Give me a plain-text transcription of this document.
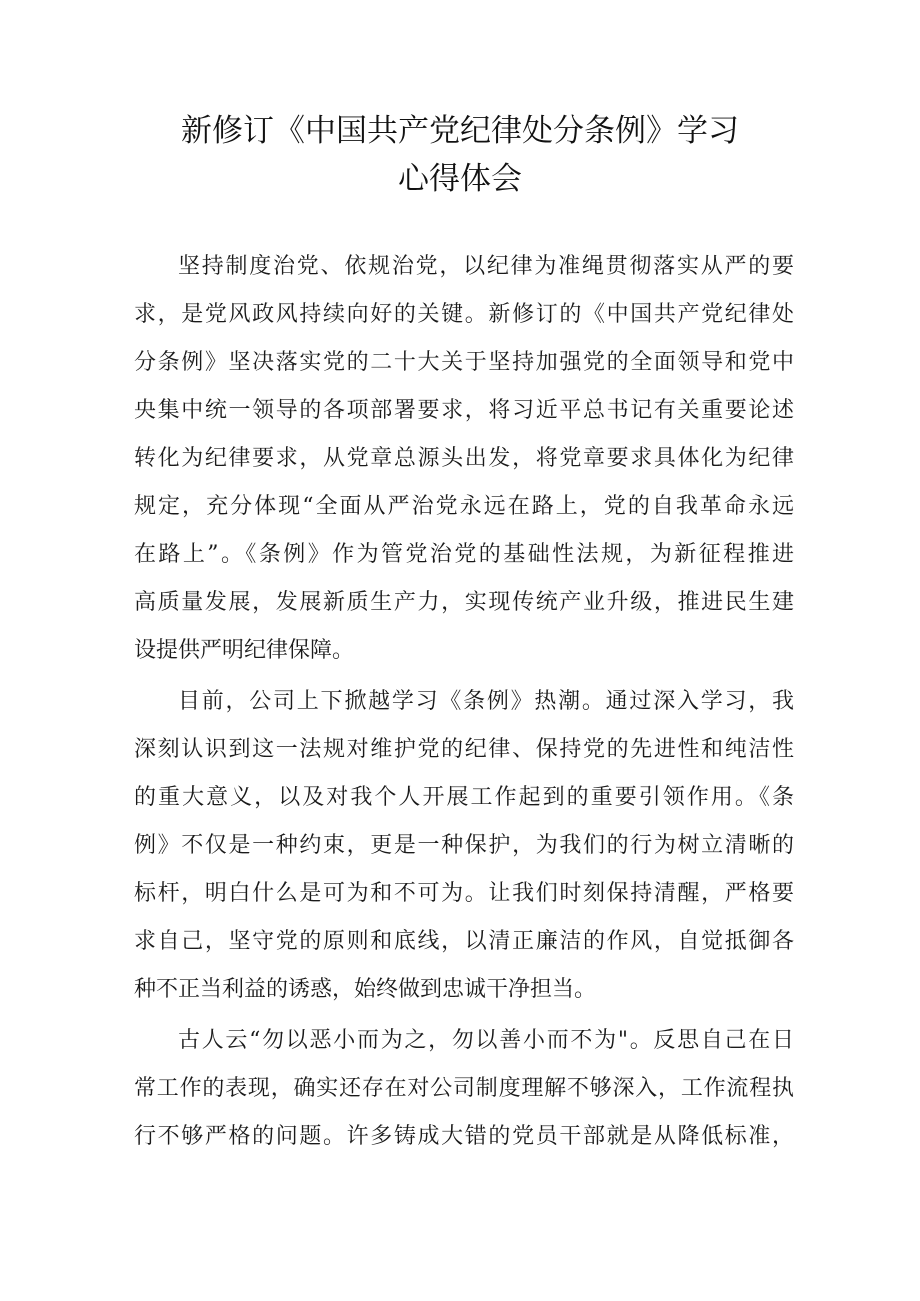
新修订《中国共产党纪律处分条例》学习
心得体会
坚持制度治党、依规治党，以纪律为准绳贯彻落实从严的要
求，是党风政风持续向好的关键。新修订的《中国共产党纪律处
分条例》坚决落实党的二十大关于坚持加强党的全面领导和党中
央集中统一领导的各项部署要求，将习近平总书记有关重要论述
转化为纪律要求，从党章总源头出发，将党章要求具体化为纪律
规定，充分体现“全面从严治党永远在路上，党的自我革命永远
在路上”。《条例》作为管党治党的基础性法规，为新征程推进
高质量发展，发展新质生产力，实现传统产业升级，推进民生建
设提供严明纪律保障。
目前，公司上下掀越学习《条例》热潮。通过深入学习，我
深刻认识到这一法规对维护党的纪律、保持党的先进性和纯洁性
的重大意义，以及对我个人开展工作起到的重要引领作用。《条
例》不仅是一种约束，更是一种保护，为我们的行为树立清晰的
标杆，明白什么是可为和不可为。让我们时刻保持清醒，严格要
求自己，坚守党的原则和底线，以清正廉洁的作风，自觉抵御各
种不正当利益的诱惑，始终做到忠诚干净担当。
古人云“勿以恶小而为之，勿以善小而不为"。反思自己在日
常工作的表现，确实还存在对公司制度理解不够深入，工作流程执
行不够严格的问题。许多铸成大错的党员干部就是从降低标准，
